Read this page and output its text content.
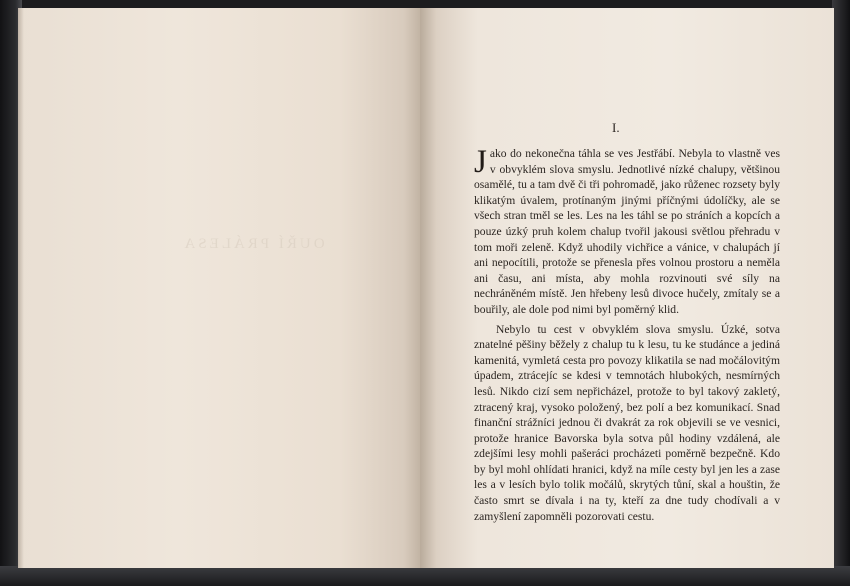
OUŘÍ PRÁLESA
I.

Jako do nekonečna táhla se ves Jestřábí. Nebyla to vlastně ves v obvyklém slova smyslu. Jednotlivé nízké chalupy, většinou osamělé, tu a tam dvě či tři pohromadě, jako růženec rozsety byly klikatým úvalem, protínaným jinými příčnými údolíčky, ale se všech stran tměl se les. Les na les táhl se po stráních a kopcích a pouze úzký pruh kolem chalup tvořil jakousi světlou přehradu v tom moři zeleně. Když uhodily vichřice a vánice, v chalupách jí ani nepocítili, protože se přenesla přes volnou prostoru a neměla ani času, ani místa, aby mohla rozvinouti své síly na nechráněném místě. Jen hřebeny lesů divoce hučely, zmítaly se a bouřily, ale dole pod nimi byl poměrný klid.

Nebylo tu cest v obvyklém slova smyslu. Úzké, sotva znatelné pěšiny běžely z chalup tu k lesu, tu ke studánce a jediná kamenitá, vymletá cesta pro povozy klikatila se nad močálovitým úpadem, ztrácejíc se kdesi v temnotách hlubokých, nesmírných lesů. Nikdo cizí sem nepřicházel, protože to byl takový zakletý, ztracený kraj, vysoko položený, bez polí a bez komunikací. Snad finanční strážníci jednou či dvakrát za rok objevili se ve vesnici, protože hranice Bavorska byla sotva půl hodiny vzdálená, ale zdejšími lesy mohli pašeráci procházeti poměrně bezpečně. Kdo by byl mohl ohlídati hranici, když na míle cesty byl jen les a zase les a v lesích bylo tolik močálů, skrytých tůní, skal a houštin, že často smrt se dívala i na ty, kteří za dne tudy chodívali a v zamyšlení zapomněli pozorovati cestu.
